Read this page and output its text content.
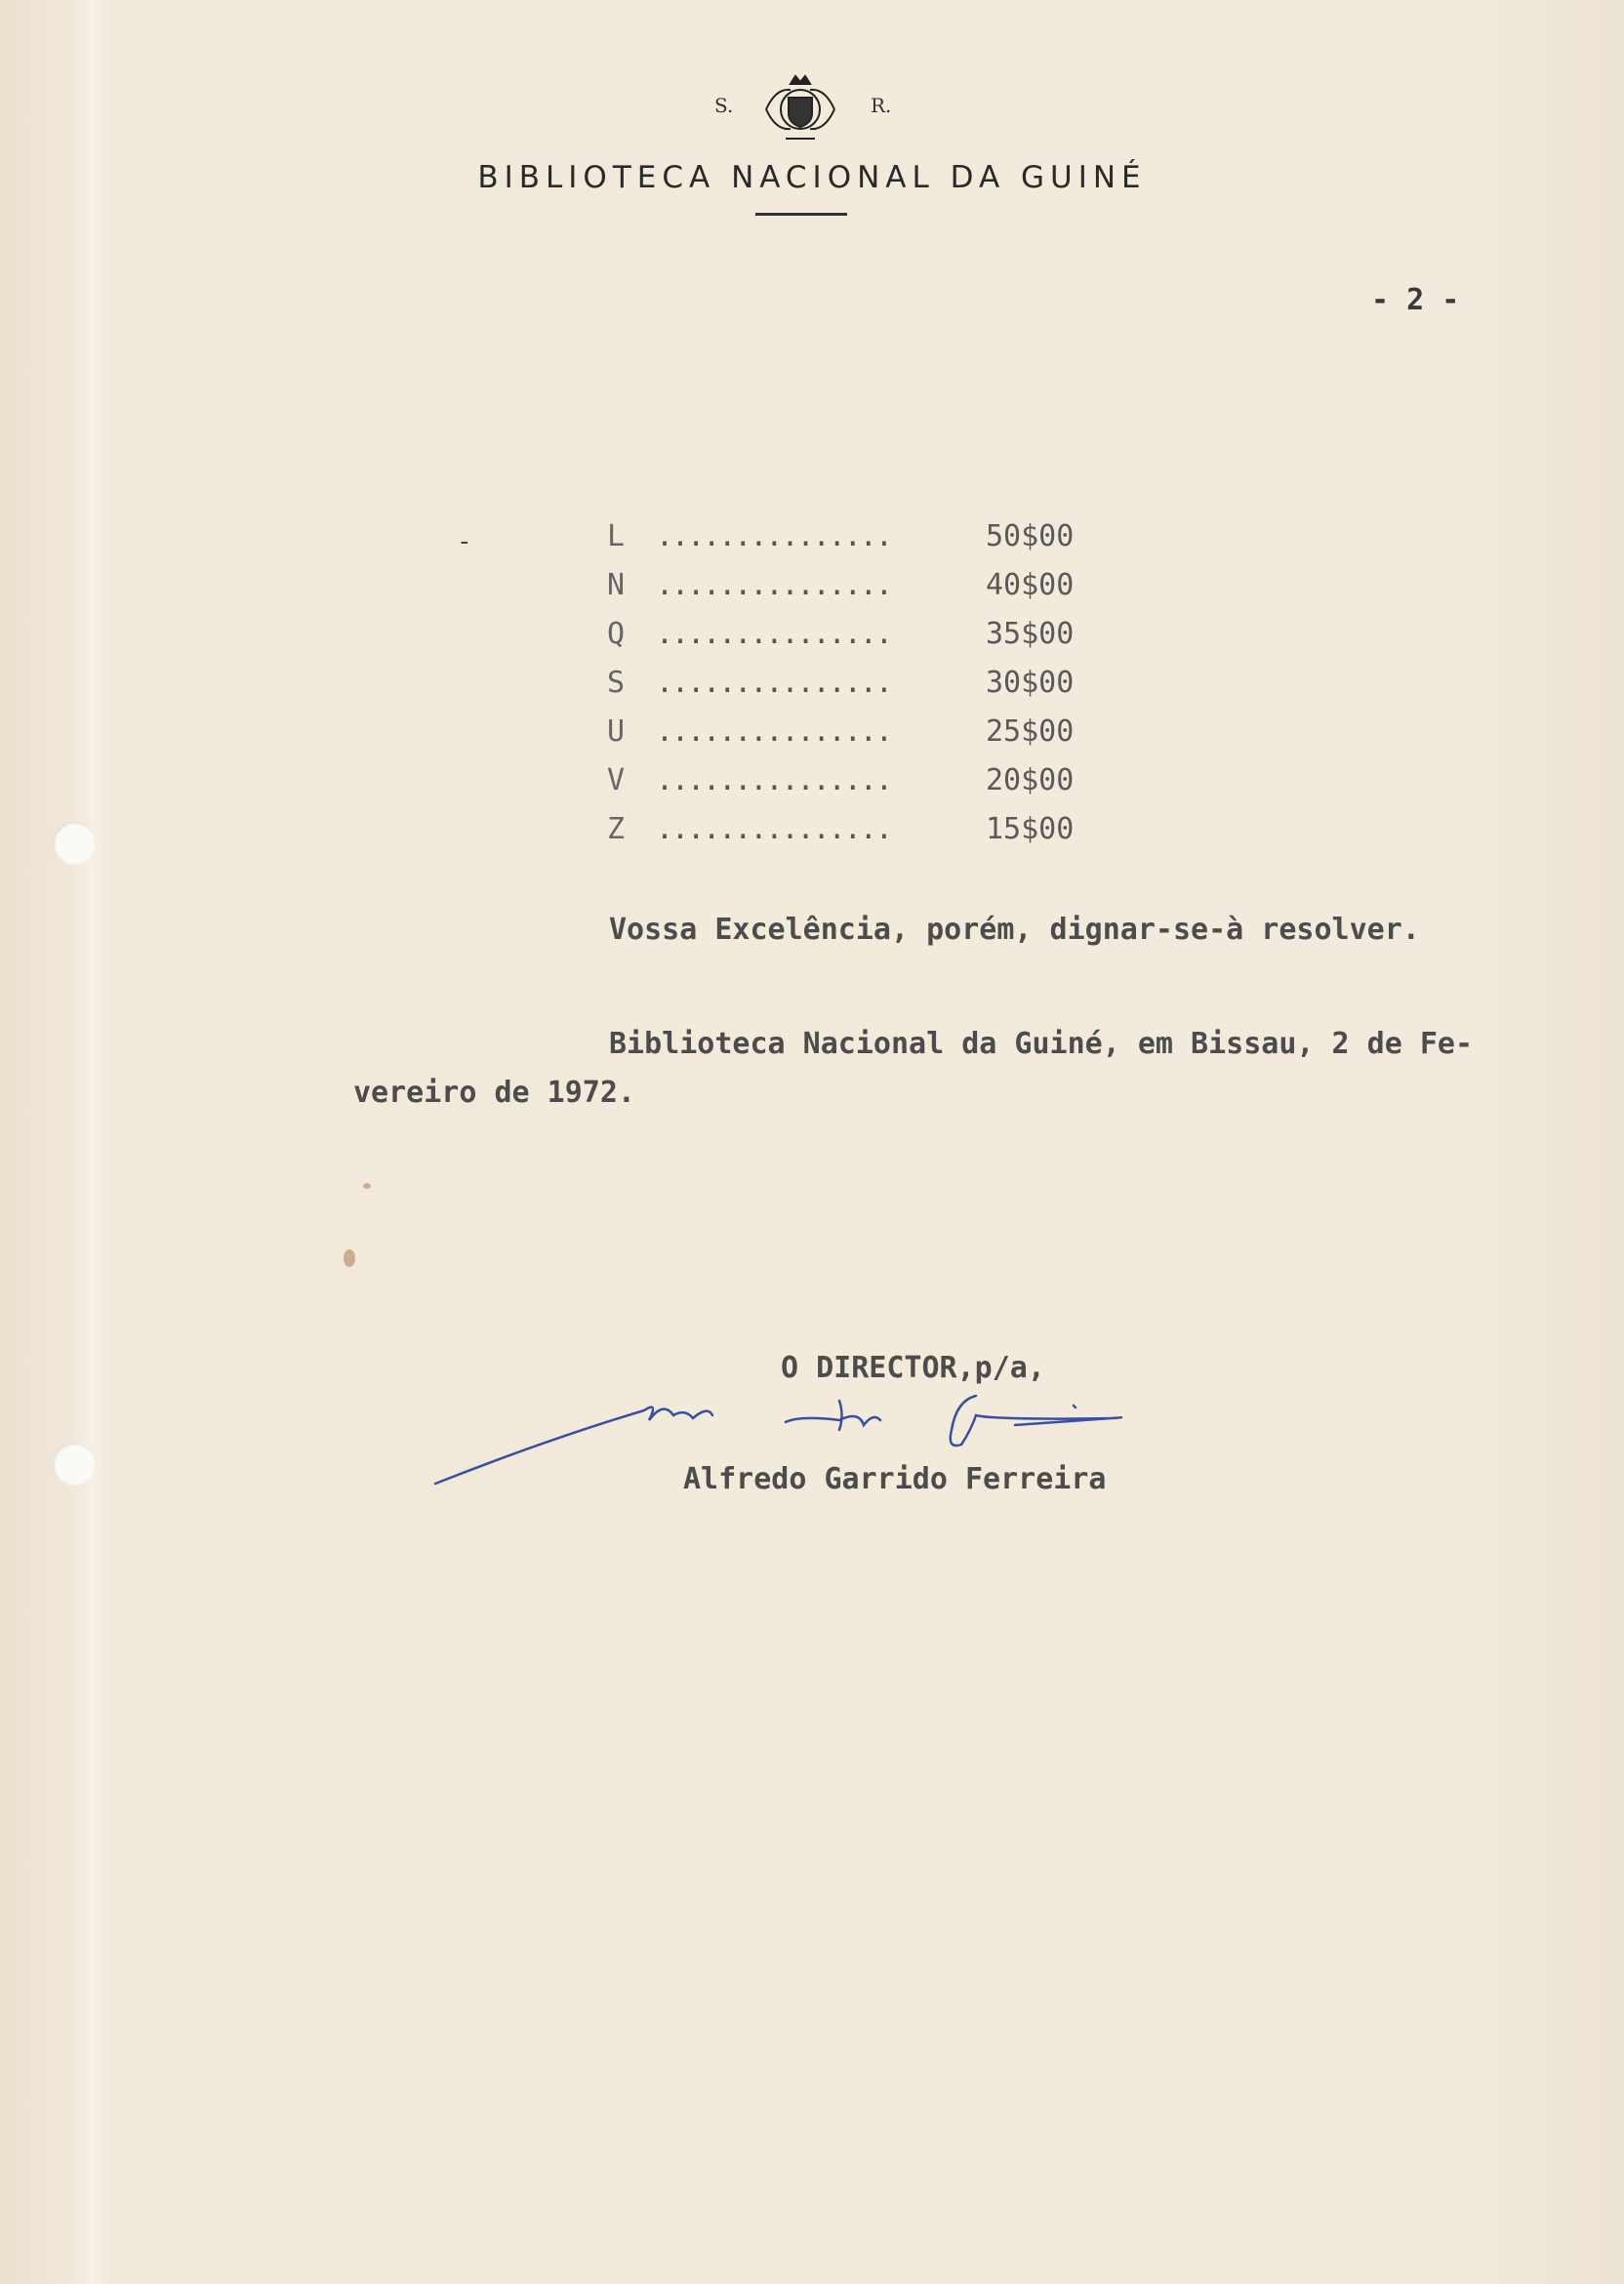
S.	R.
BIBLIOTECA NACIONAL DA GUINÉ
- 2 -
-	L ...............	50$00
N ...............	40$00
Q ...............	35$00
S ...............	30$00
U ...............	25$00
V ...............	20$00
Z ...............	15$00
Vossa Excelência, porém, dignar-se-à resolver.
Biblioteca Nacional da Guiné, em Bissau, 2 de Fe-
vereiro de 1972.
O DIRECTOR,p/a,
Alfredo Garrido Ferreira
